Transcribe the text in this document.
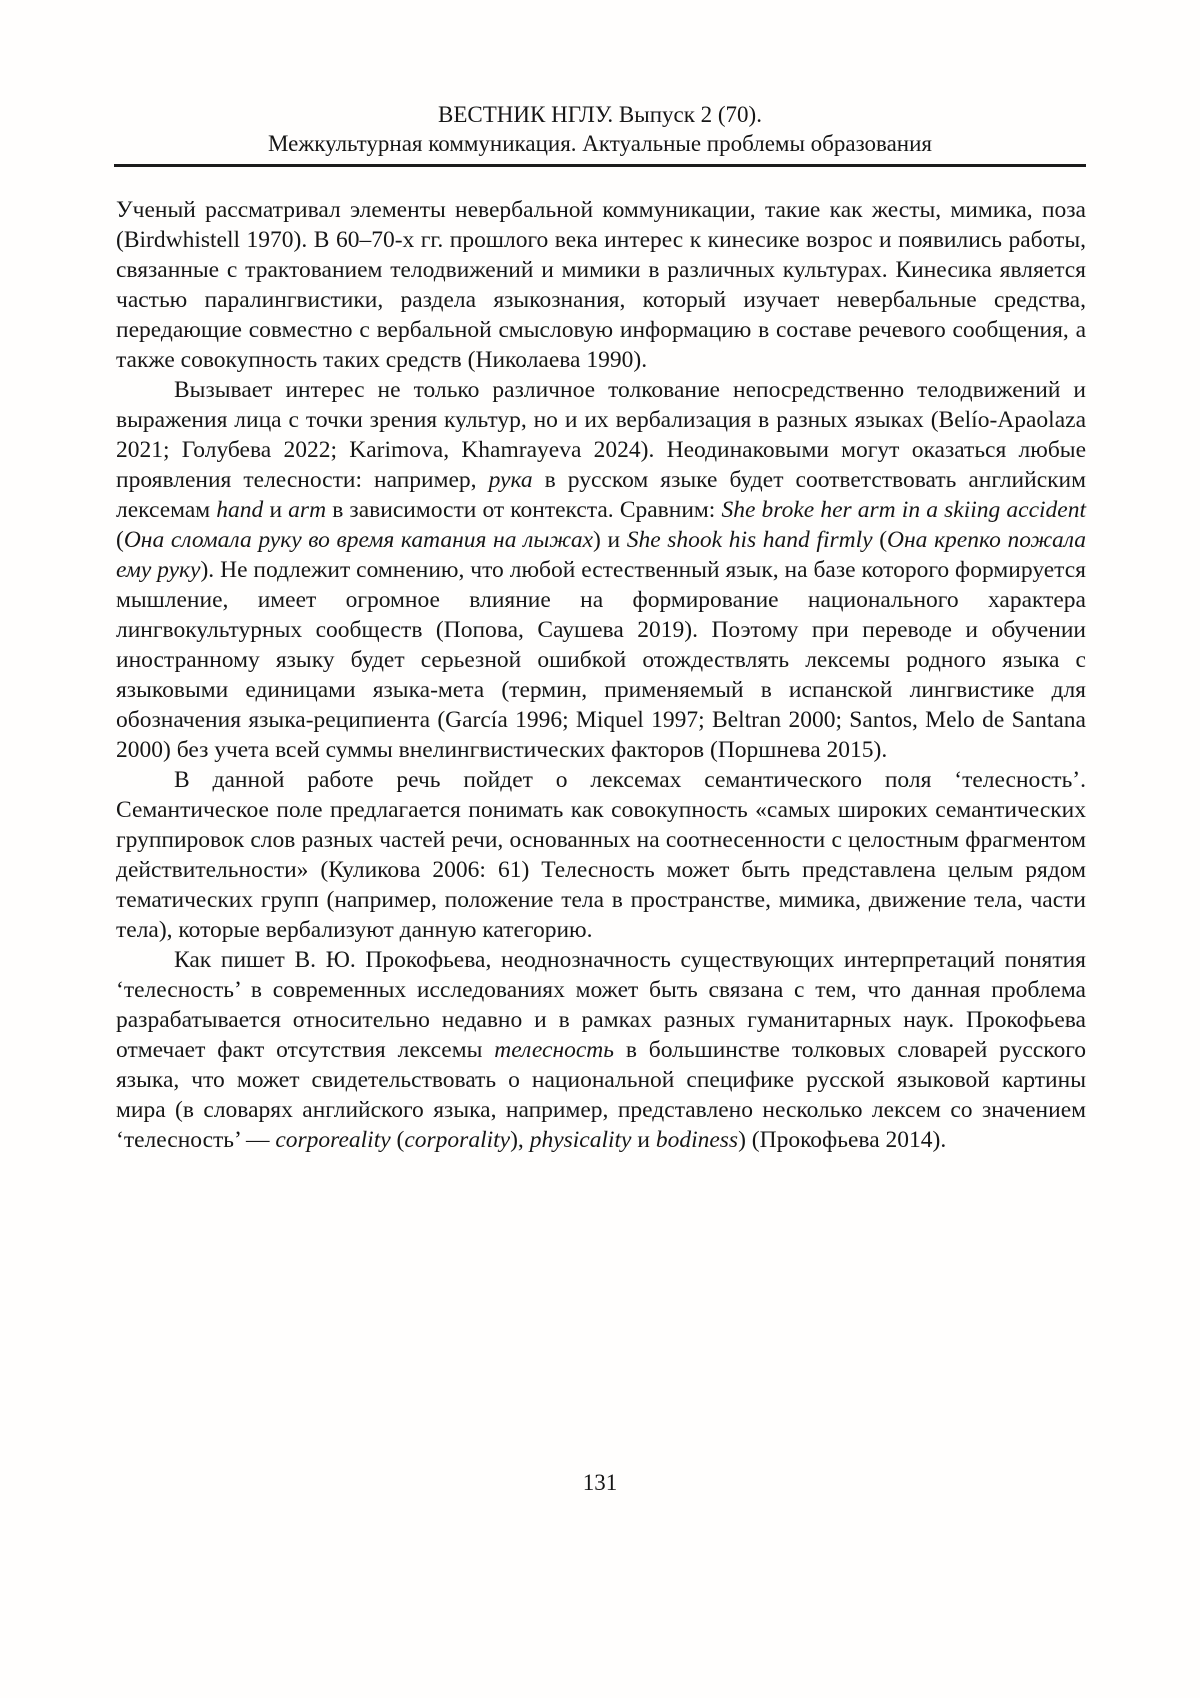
ВЕСТНИК НГЛУ. Выпуск 2 (70).
Межкультурная коммуникация. Актуальные проблемы образования

Ученый рассматривал элементы невербальной коммуникации, такие как жесты, мимика, поза (Birdwhistell 1970). В 60–70-х гг. прошлого века интерес к кинесике возрос и появились работы, связанные с трактованием телодвижений и мимики в различных культурах. Кинесика является частью паралингвистики, раздела языкознания, который изучает невербальные средства, передающие совместно с вербальной смысловую информацию в составе речевого сообщения, а также совокупность таких средств (Николаева 1990).

Вызывает интерес не только различное толкование непосредственно телодвижений и выражения лица с точки зрения культур, но и их вербализация в разных языках (Belío-Apaolaza 2021; Голубева 2022; Karimova, Khamrayeva 2024). Неодинаковыми могут оказаться любые проявления телесности: например, рука в русском языке будет соответствовать английским лексемам hand и arm в зависимости от контекста. Сравним: She broke her arm in a skiing accident (Она сломала руку во время катания на лыжах) и She shook his hand firmly (Она крепко пожала ему руку). Не подлежит сомнению, что любой естественный язык, на базе которого формируется мышление, имеет огромное влияние на формирование национального характера лингвокультурных сообществ (Попова, Саушева 2019). Поэтому при переводе и обучении иностранному языку будет серьезной ошибкой отождествлять лексемы родного языка с языковыми единицами языка-мета (термин, применяемый в испанской лингвистике для обозначения языка-реципиента (García 1996; Miquel 1997; Beltran 2000; Santos, Melo de Santana 2000) без учета всей суммы внелингвистических факторов (Поршнева 2015).

В данной работе речь пойдет о лексемах семантического поля ‘телесность’. Семантическое поле предлагается понимать как совокупность «самых широких семантических группировок слов разных частей речи, основанных на соотнесенности с целостным фрагментом действительности» (Куликова 2006: 61) Телесность может быть представлена целым рядом тематических групп (например, положение тела в пространстве, мимика, движение тела, части тела), которые вербализуют данную категорию.

Как пишет В. Ю. Прокофьева, неоднозначность существующих интерпретаций понятия ‘телесность’ в современных исследованиях может быть связана с тем, что данная проблема разрабатывается относительно недавно и в рамках разных гуманитарных наук. Прокофьева отмечает факт отсутствия лексемы телесность в большинстве толковых словарей русского языка, что может свидетельствовать о национальной специфике русской языковой картины мира (в словарях английского языка, например, представлено несколько лексем со значением ‘телесность’ — corporeality (corporality), physicality и bodiness) (Прокофьева 2014).

131
